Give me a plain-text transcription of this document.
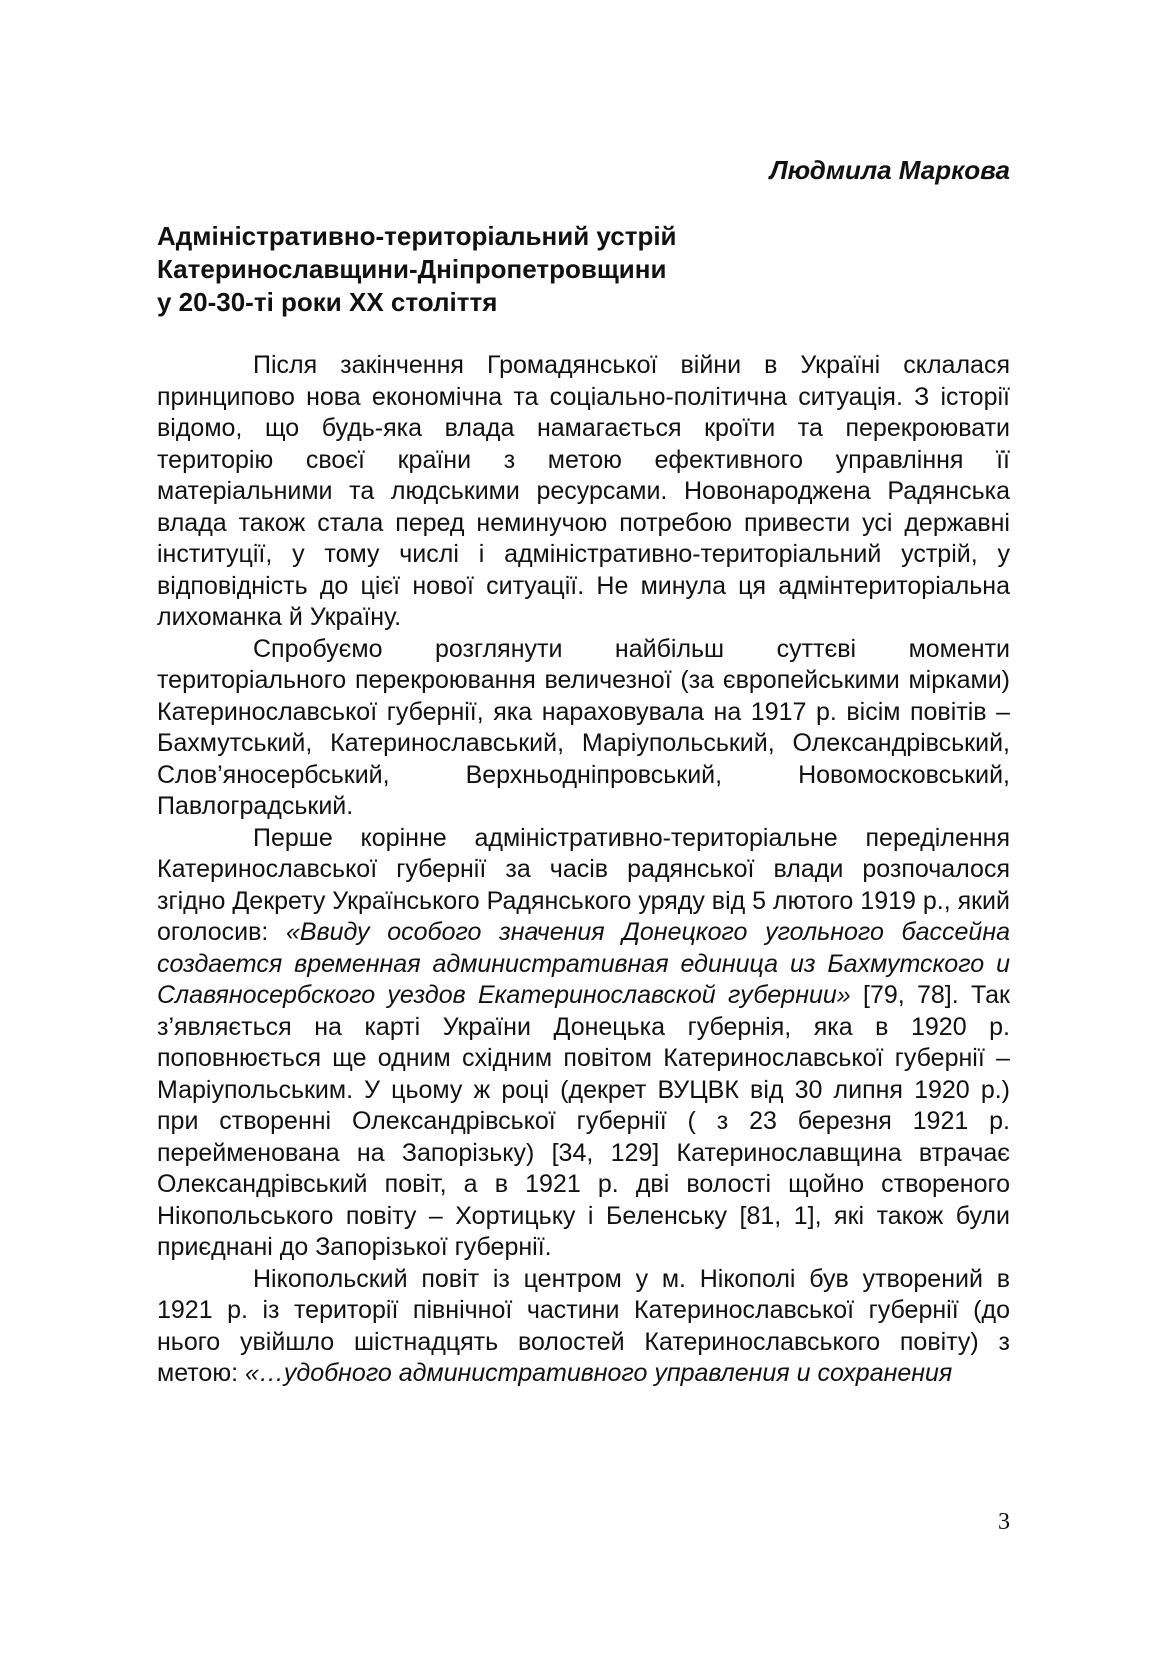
Людмила Маркова
Адміністративно-територіальний устрій
Катеринославщини-Дніпропетровщини
у 20-30-ті роки ХХ століття

Після закінчення Громадянської війни в Україні склалася принципово нова економічна та соціально-політична ситуація. З історії відомо, що будь-яка влада намагається кроїти та перекроювати територію своєї країни з метою ефективного управління її матеріальними та людськими ресурсами. Новонароджена Радянська влада також стала перед неминучою потребою привести усі державні інституції, у тому числі і адміністративно-територіальний устрій, у відповідність до цієї нової ситуації. Не минула ця адмінтериторіальна лихоманка й Україну.

Спробуємо розглянути найбільш суттєві моменти територіального перекроювання величезної (за європейськими мірками) Катеринославської губернії, яка нараховувала на 1917 р. вісім повітів – Бахмутський, Катеринославський, Маріупольський, Олександрівський, Слов’яносербський, Верхньодніпровський, Новомосковський, Павлоградський.

Перше корінне адміністративно-територіальне переділення Катеринославської губернії за часів радянської влади розпочалося згідно Декрету Українського Радянського уряду від 5 лютого 1919 р., який оголосив: «Ввиду особого значения Донецкого угольного бассейна создается временная административная единица из Бахмутского и Славяносербского уездов Екатеринославской губернии» [79, 78]. Так з’являється на карті України Донецька губернія, яка в 1920 р. поповнюється ще одним східним повітом Катеринославської губернії – Маріупольським. У цьому ж році (декрет ВУЦВК від 30 липня 1920 р.) при створенні Олександрівської губернії ( з 23 березня 1921 р. перейменована на Запорізьку) [34, 129] Катеринославщина втрачає Олександрівський повіт, а в 1921 р. дві волості щойно створеного Нікопольського повіту – Хортицьку і Беленську [81, 1], які також були приєднані до Запорізької губернії.

Нікопольский повіт із центром у м. Нікополі був утворений в 1921 р. із території північної частини Катеринославської губернії (до нього увійшло шістнадцять волостей Катеринославського повіту) з метою: «…удобного административного управления и сохранения

3
